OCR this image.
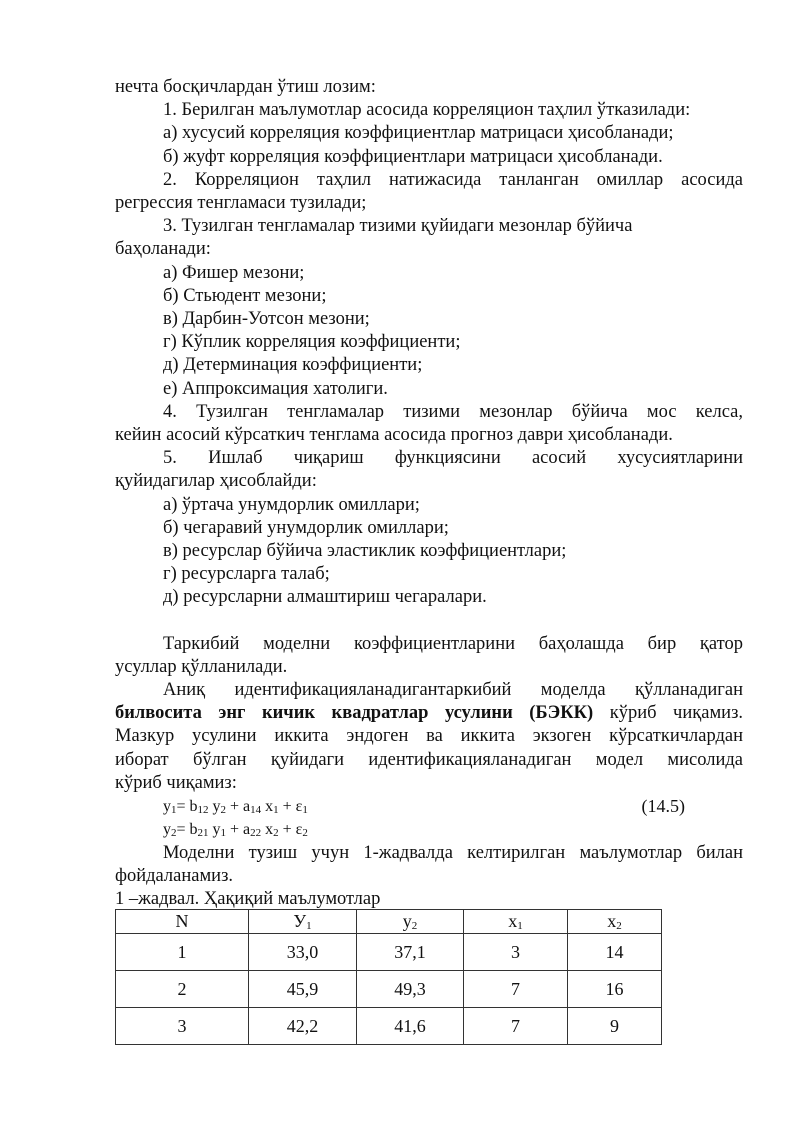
нечта босқичлардан ўтиш лозим:

1. Берилган маълумотлар асосида корреляцион таҳлил ўтказилади:

а) хусусий корреляция коэффициентлар матрицаси ҳисобланади;

б) жуфт корреляция коэффициентлари матрицаси ҳисобланади.

2. Корреляцион таҳлил натижасида танланган омиллар асосида

регрессия тенгламаси тузилади;

3. Тузилган тенгламалар тизими қуйидаги мезонлар бўйича

баҳоланади:

а) Фишер мезони;

б) Стьюдент мезони;

в) Дарбин-Уотсон мезони;

г) Кўплик корреляция коэффициенти;

д) Детерминация коэффициенти;

е) Аппроксимация хатолиги.

4. Тузилган тенгламалар тизими мезонлар бўйича мос келса,

кейин асосий кўрсаткич тенглама асосида прогноз даври ҳисобланади.

5. Ишлаб чиқариш функциясини асосий хусусиятларини

қуйидагилар ҳисоблайди:

а) ўртача унумдорлик омиллари;

б) чегаравий унумдорлик омиллари;

в) ресурслар бўйича эластиклик коэффициентлари;

г) ресурсларга талаб;

д) ресурсларни алмаштириш чегаралари.

Таркибий моделни коэффициентларини баҳолашда бир қатор

усуллар қўлланилади.

Аниқ идентификацияланадигантаркибий моделда қўлланадиган

билвосита энг кичик квадратлар усулини (БЭКК) кўриб чиқамиз.

Мазкур усулини иккита эндоген ва иккита экзоген кўрсаткичлардан

иборат бўлган қуйидаги идентификацияланадиган модел мисолида

кўриб чиқамиз:

$y_1= b_{12}$ $y_2 + a_{14}$ $x_1 + \varepsilon_1$	(14.5)

$y_2= b_{21}$ $y_1 + a_{22}$ $x_2 + \varepsilon_2$

Моделни тузиш учун 1-жадвалда келтирилган маълумотлар билан

фойдаланамиз.

1 –жадвал. Ҳақиқий маълумотлар

N	$У_1$	$y_2$	$x_1$	$x_2$
1	33,0	37,1	3	14
2	45,9	49,3	7	16
3	42,2	41,6	7	9
